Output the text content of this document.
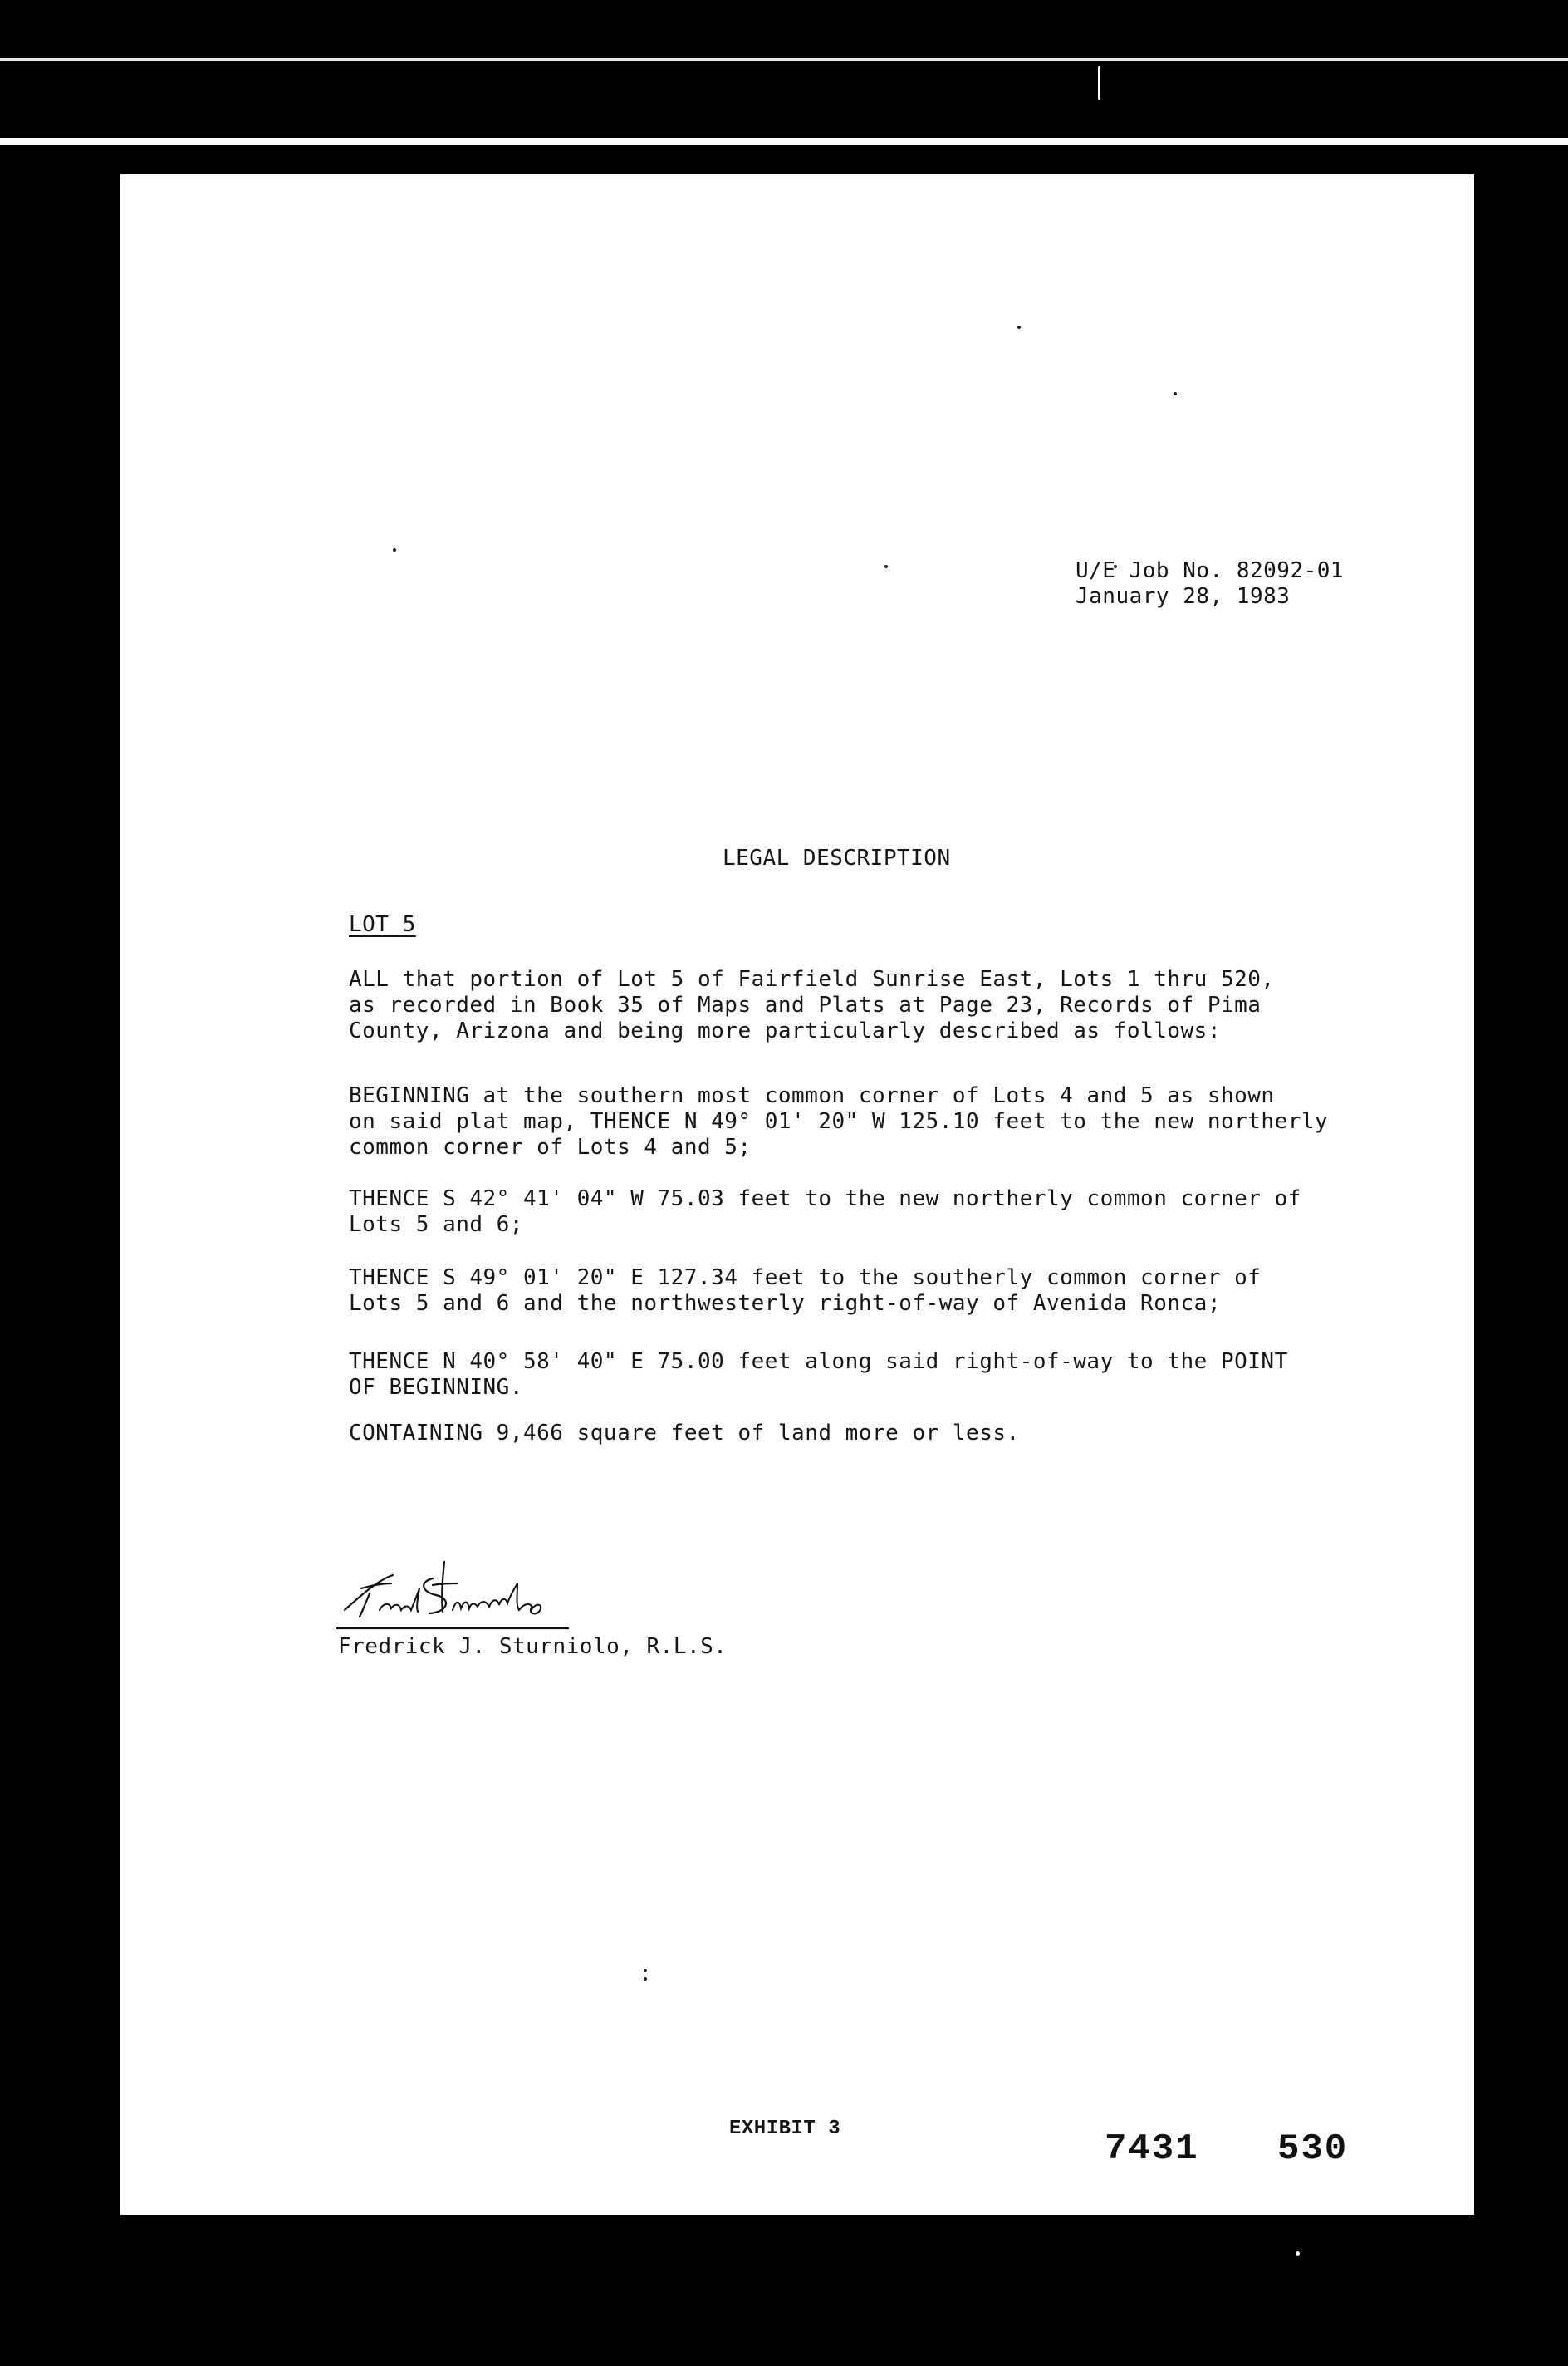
U/E Job No. 82092-01
January 28, 1983
LEGAL DESCRIPTION
LOT 5
ALL that portion of Lot 5 of Fairfield Sunrise East, Lots 1 thru 520,
as recorded in Book 35 of Maps and Plats at Page 23, Records of Pima
County, Arizona and being more particularly described as follows:
BEGINNING at the southern most common corner of Lots 4 and 5 as shown
on said plat map, THENCE N 49° 01' 20" W 125.10 feet to the new northerly
common corner of Lots 4 and 5;
THENCE S 42° 41' 04" W 75.03 feet to the new northerly common corner of
Lots 5 and 6;
THENCE S 49° 01' 20" E 127.34 feet to the southerly common corner of
Lots 5 and 6 and the northwesterly right-of-way of Avenida Ronca;
THENCE N 40° 58' 40" E 75.00 feet along said right-of-way to the POINT
OF BEGINNING.
CONTAINING 9,466 square feet of land more or less.
Fredrick J. Sturniolo, R.L.S.
EXHIBIT 3	7431 530
